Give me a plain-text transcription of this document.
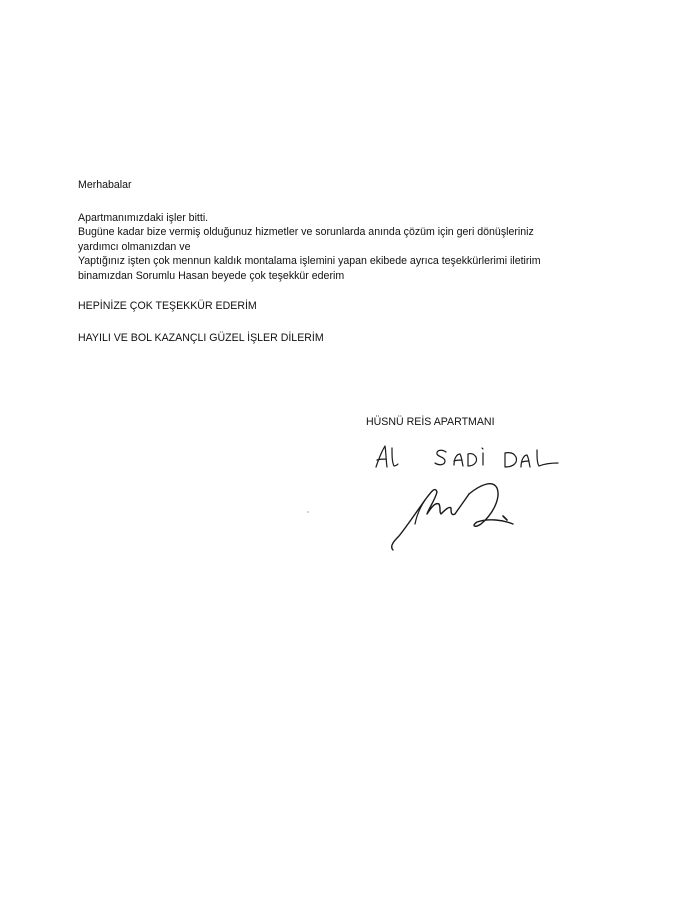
Merhabalar

Apartmanımızdaki işler bitti.

Bugüne kadar bize vermiş olduğunuz hizmetler ve sorunlarda anında çözüm için geri dönüşleriniz

yardımcı olmanızdan ve

Yaptığınız işten çok mennun kaldık montalama işlemini yapan ekibede ayrıca teşekkürlerimi iletirim

binamızdan Sorumlu Hasan beyede çok teşekkür ederim

HEPİNİZE ÇOK TEŞEKKÜR EDERİM

HAYILI VE BOL KAZANÇLI GÜZEL İŞLER DİLERİM

HÜSNÜ REİS APARTMANI
